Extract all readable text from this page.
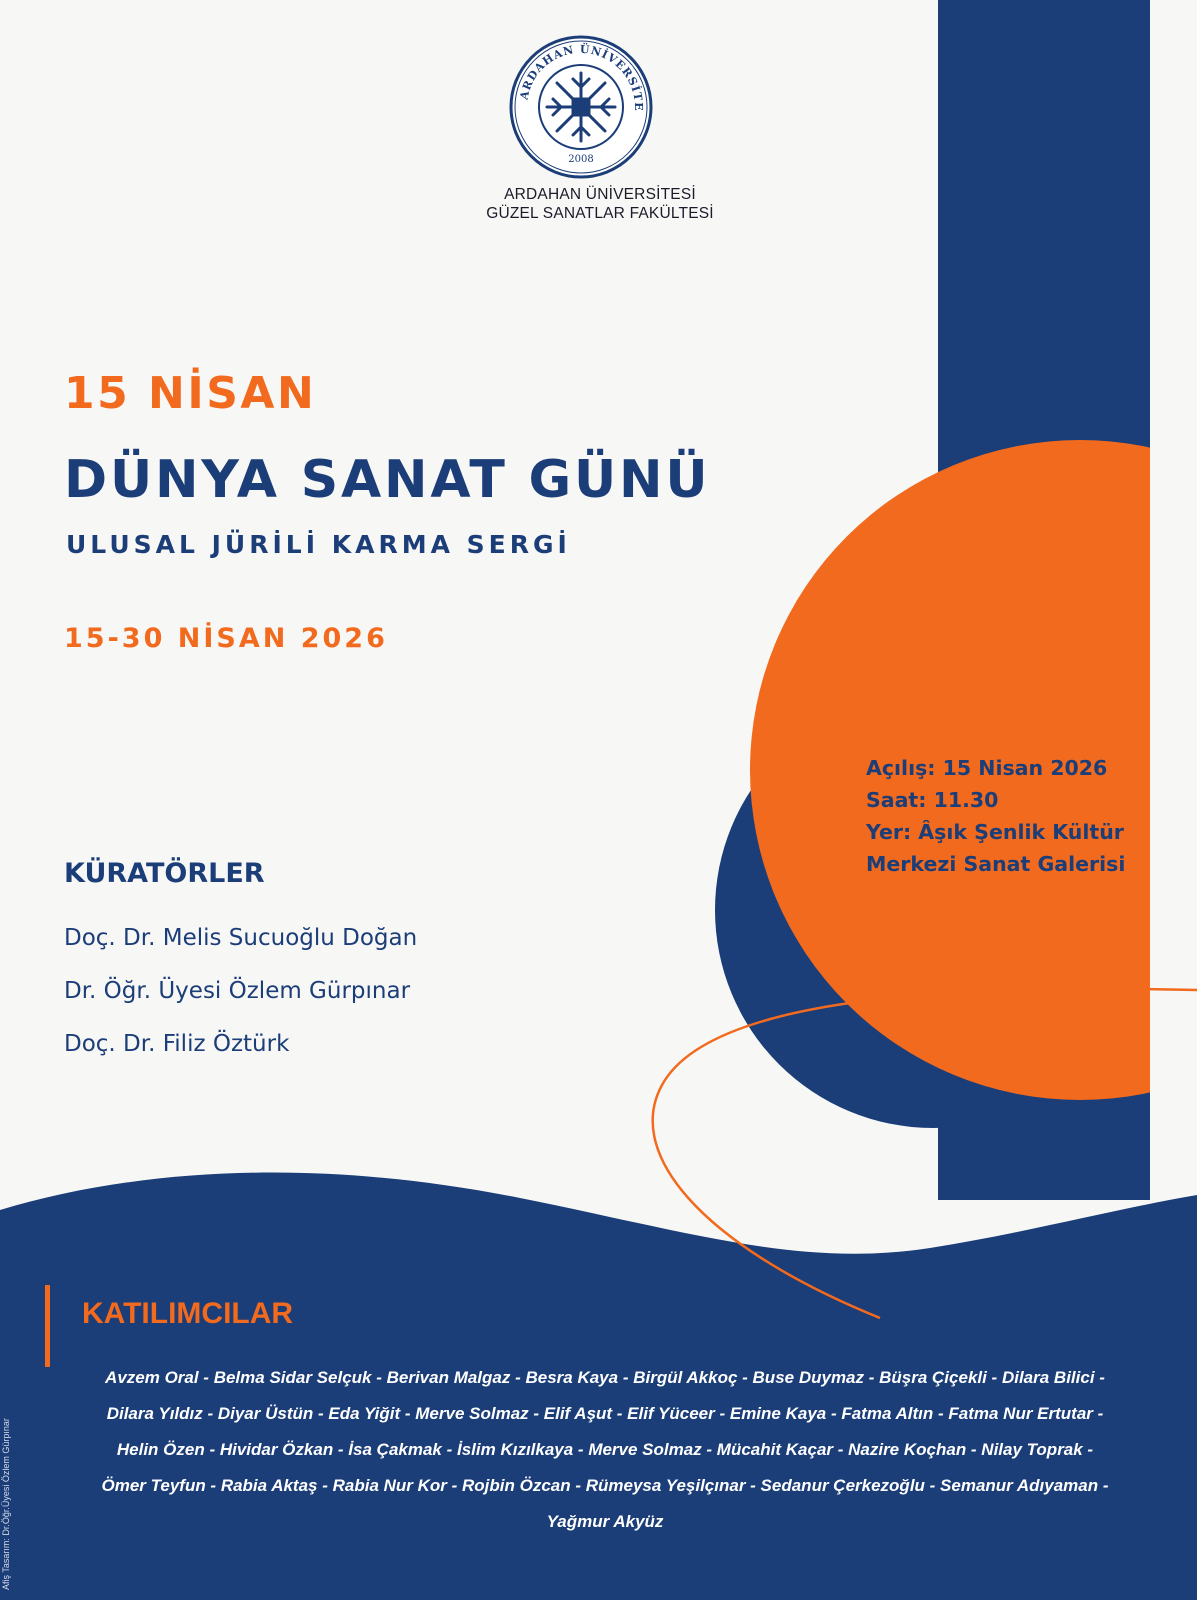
ARDAHAN ÜNİVERSİTE
2008
ARDAHAN ÜNİVERSİTESİ
GÜZEL SANATLAR FAKÜLTESİ
15 NİSAN
DÜNYA SANAT GÜNÜ
ULUSAL JÜRİLİ KARMA SERGİ
15-30 NİSAN 2026
KÜRATÖRLER
Doç. Dr. Melis Sucuoğlu Doğan
Dr. Öğr. Üyesi Özlem Gürpınar
Doç. Dr. Filiz Öztürk
Açılış: 15 Nisan 2026
Saat: 11.30
Yer: Âşık Şenlik Kültür
Merkezi Sanat Galerisi
KATILIMCILAR
Avzem Oral - Belma Sidar Selçuk - Berivan Malgaz - Besra Kaya - Birgül Akkoç - Buse Duymaz - Büşra Çiçekli - Dilara Bilici -
Dilara Yıldız - Diyar Üstün - Eda Yiğit - Merve Solmaz - Elif Aşut - Elif Yüceer - Emine Kaya - Fatma Altın - Fatma Nur Ertutar -
Helin Özen - Hividar Özkan - İsa Çakmak - İslim Kızılkaya - Merve Solmaz - Mücahit Kaçar - Nazire Koçhan - Nilay Toprak -
Ömer Teyfun - Rabia Aktaş - Rabia Nur Kor - Rojbin Özcan - Rümeysa Yeşilçınar - Sedanur Çerkezoğlu - Semanur Adıyaman -
Yağmur Akyüz
Afiş Tasarım: Dr.Öğr.Üyesi Özlem Gürpınar
